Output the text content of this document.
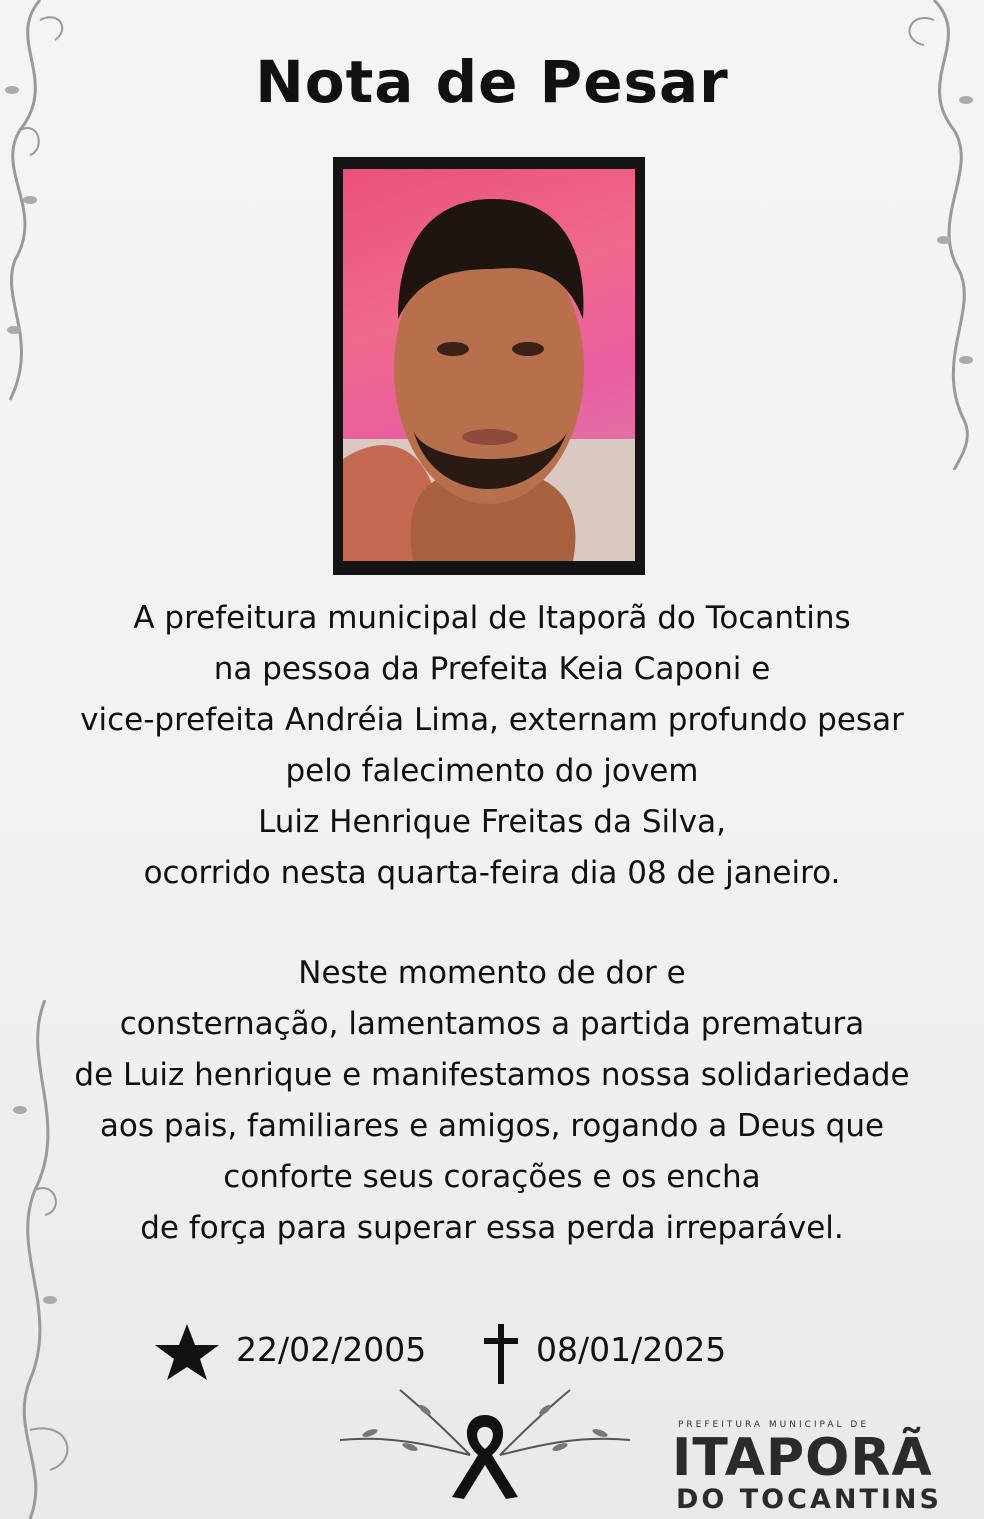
Nota de Pesar
A prefeitura municipal de Itaporã do Tocantins
na pessoa da Prefeita Keia Caponi e
vice-prefeita Andréia Lima, externam profundo pesar
pelo falecimento do jovem
Luiz Henrique Freitas da Silva,
ocorrido nesta quarta-feira dia 08 de janeiro.
Neste momento de dor e
consternação, lamentamos a partida prematura
de Luiz henrique e manifestamos nossa solidariedade
aos pais, familiares e amigos, rogando a Deus que
conforte seus corações e os encha
de força para superar essa perda irreparável.
22/02/2005	08/01/2025
PREFEITURA MUNICIPAL DE
ITAPORÃ
DO TOCANTINS
